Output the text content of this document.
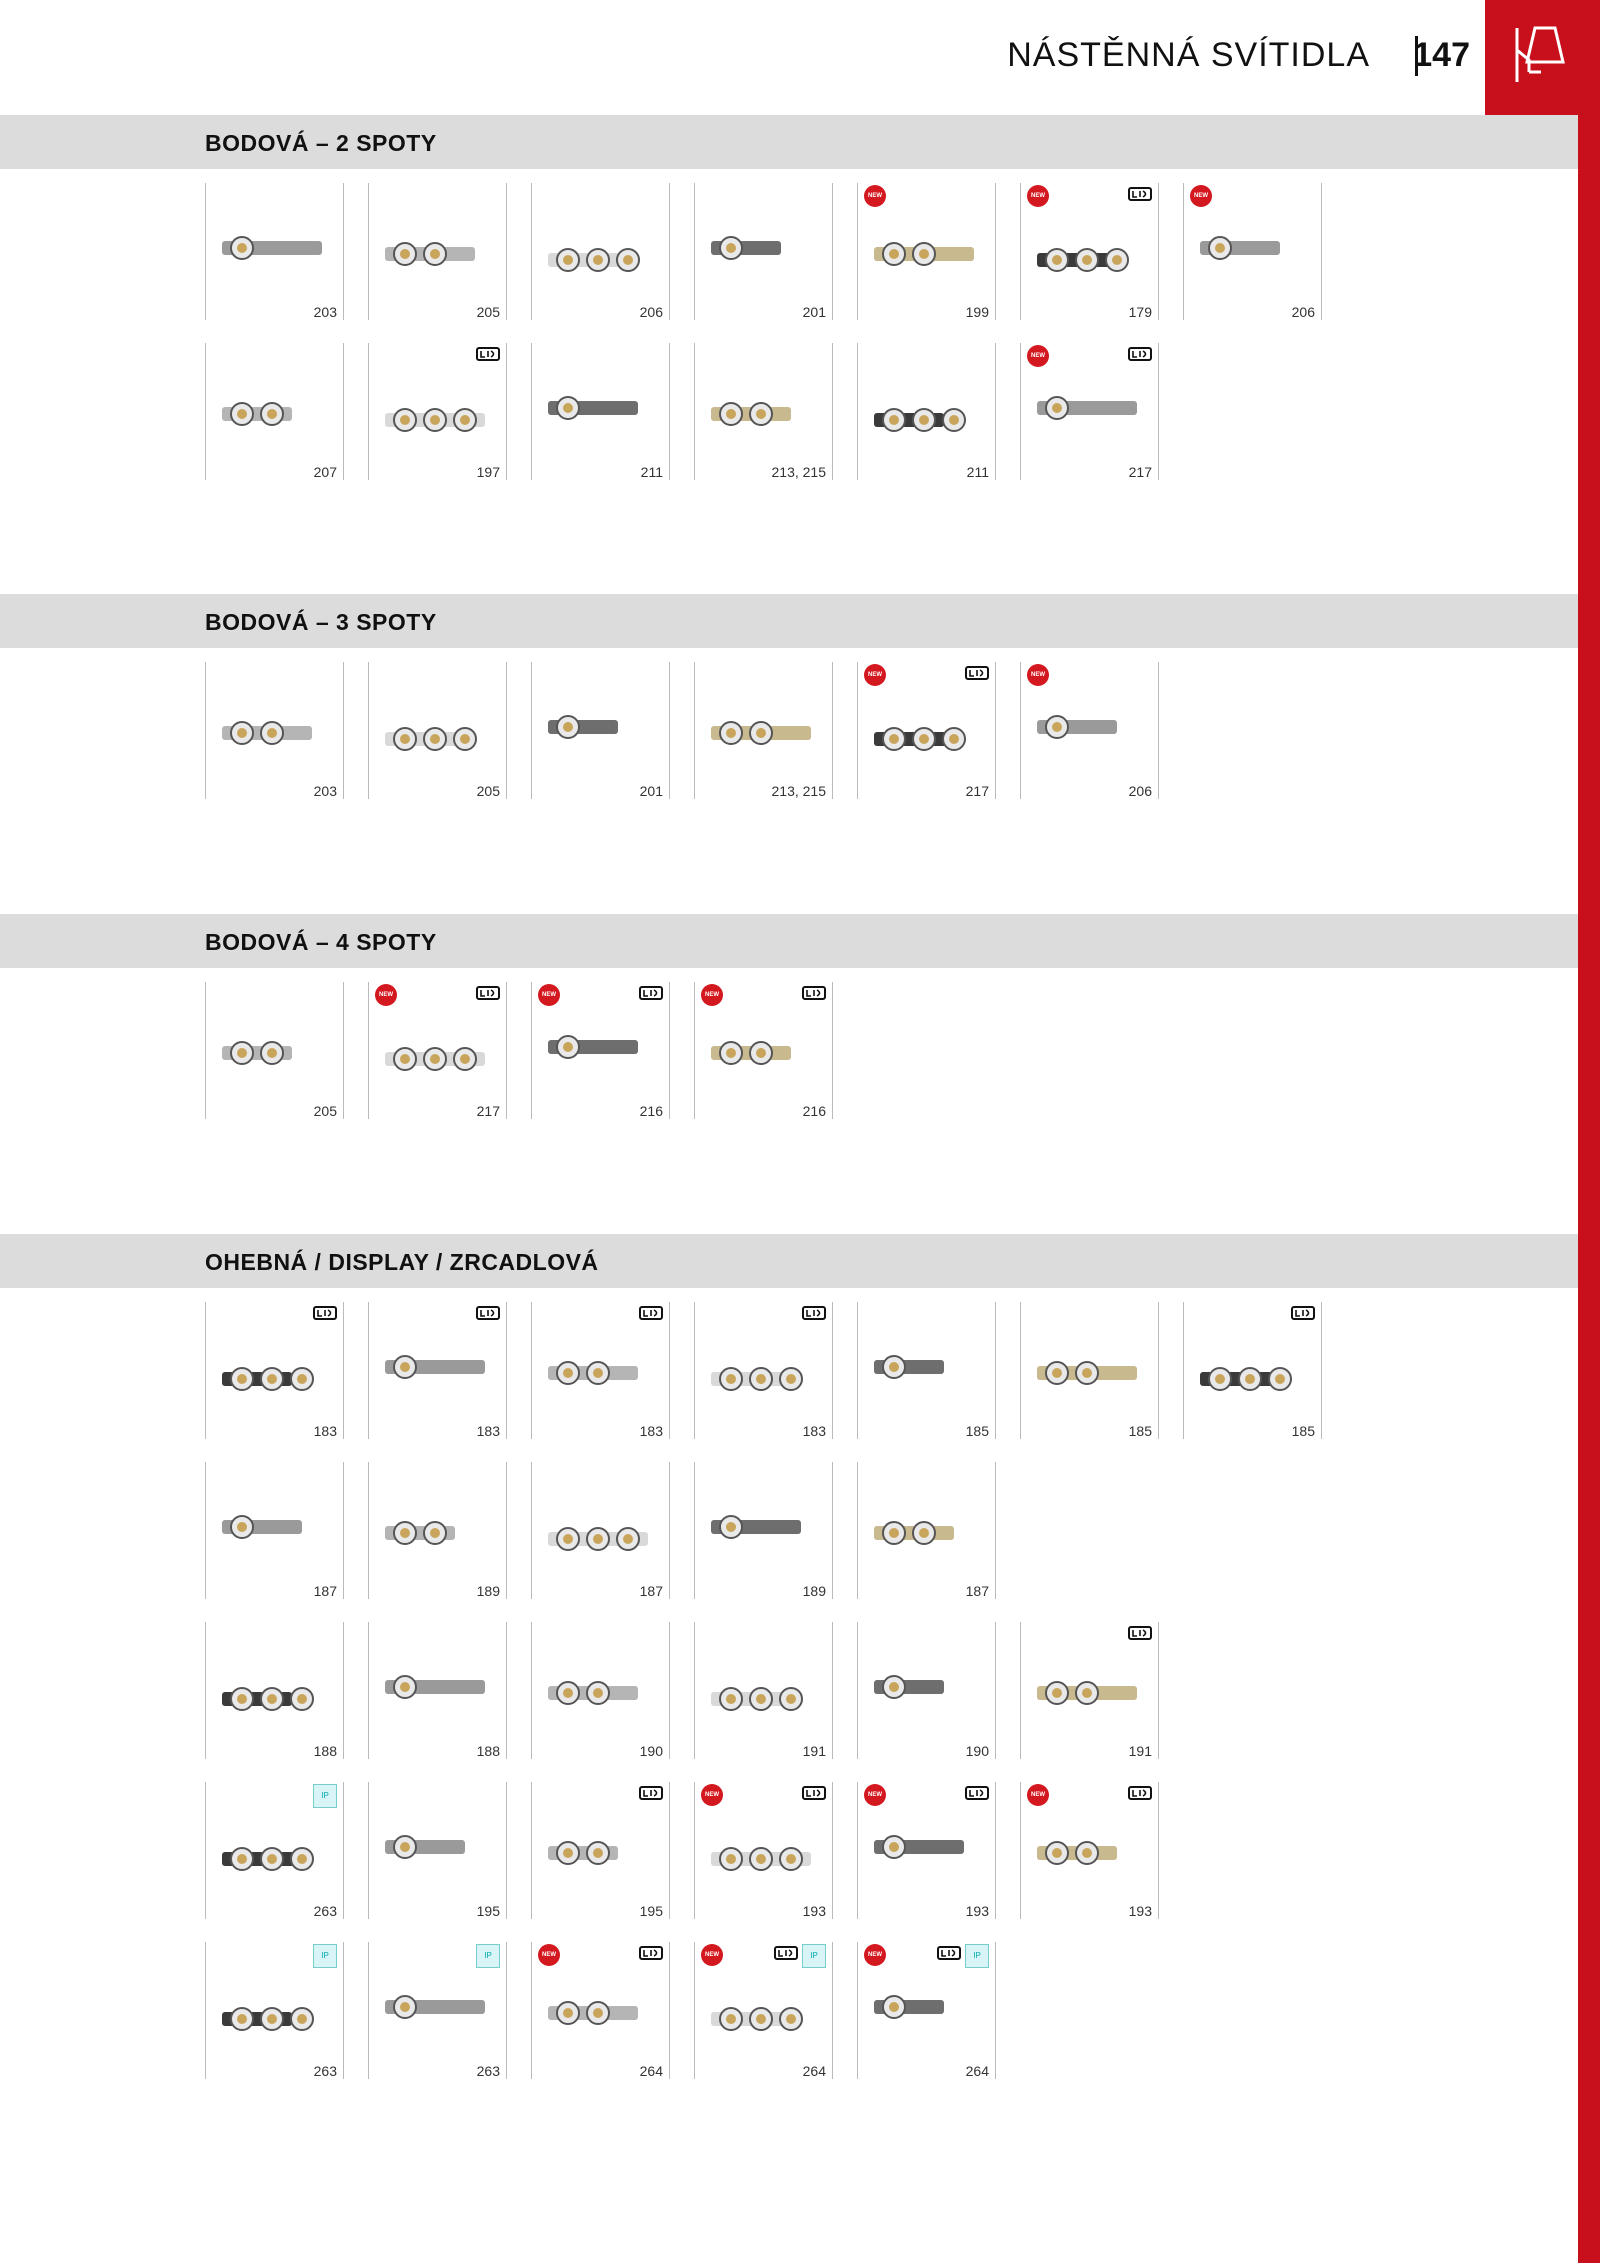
NÁSTĚNNÁ SVÍTIDLA 147
BODOVÁ – 2 SPOTY
203	205	206	201
NEW
199
NEW
179
NEW
206
207	197	211	213, 215	211
NEW
217
BODOVÁ – 3 SPOTY
203	205	201	213, 215
NEW
217
NEW
206
BODOVÁ – 4 SPOTY
205
NEW
217
NEW
216
NEW
216
OHEBNÁ / DISPLAY / ZRCADLOVÁ
183	183	183	183	185	185	185
187	189	187	189	187
188	188	190	191	190	191
IP
263	195	195
NEW
193
NEW
193
NEW
193
IP
263
IP
263
NEW
264
NEW	IP
264
NEW	IP
264
